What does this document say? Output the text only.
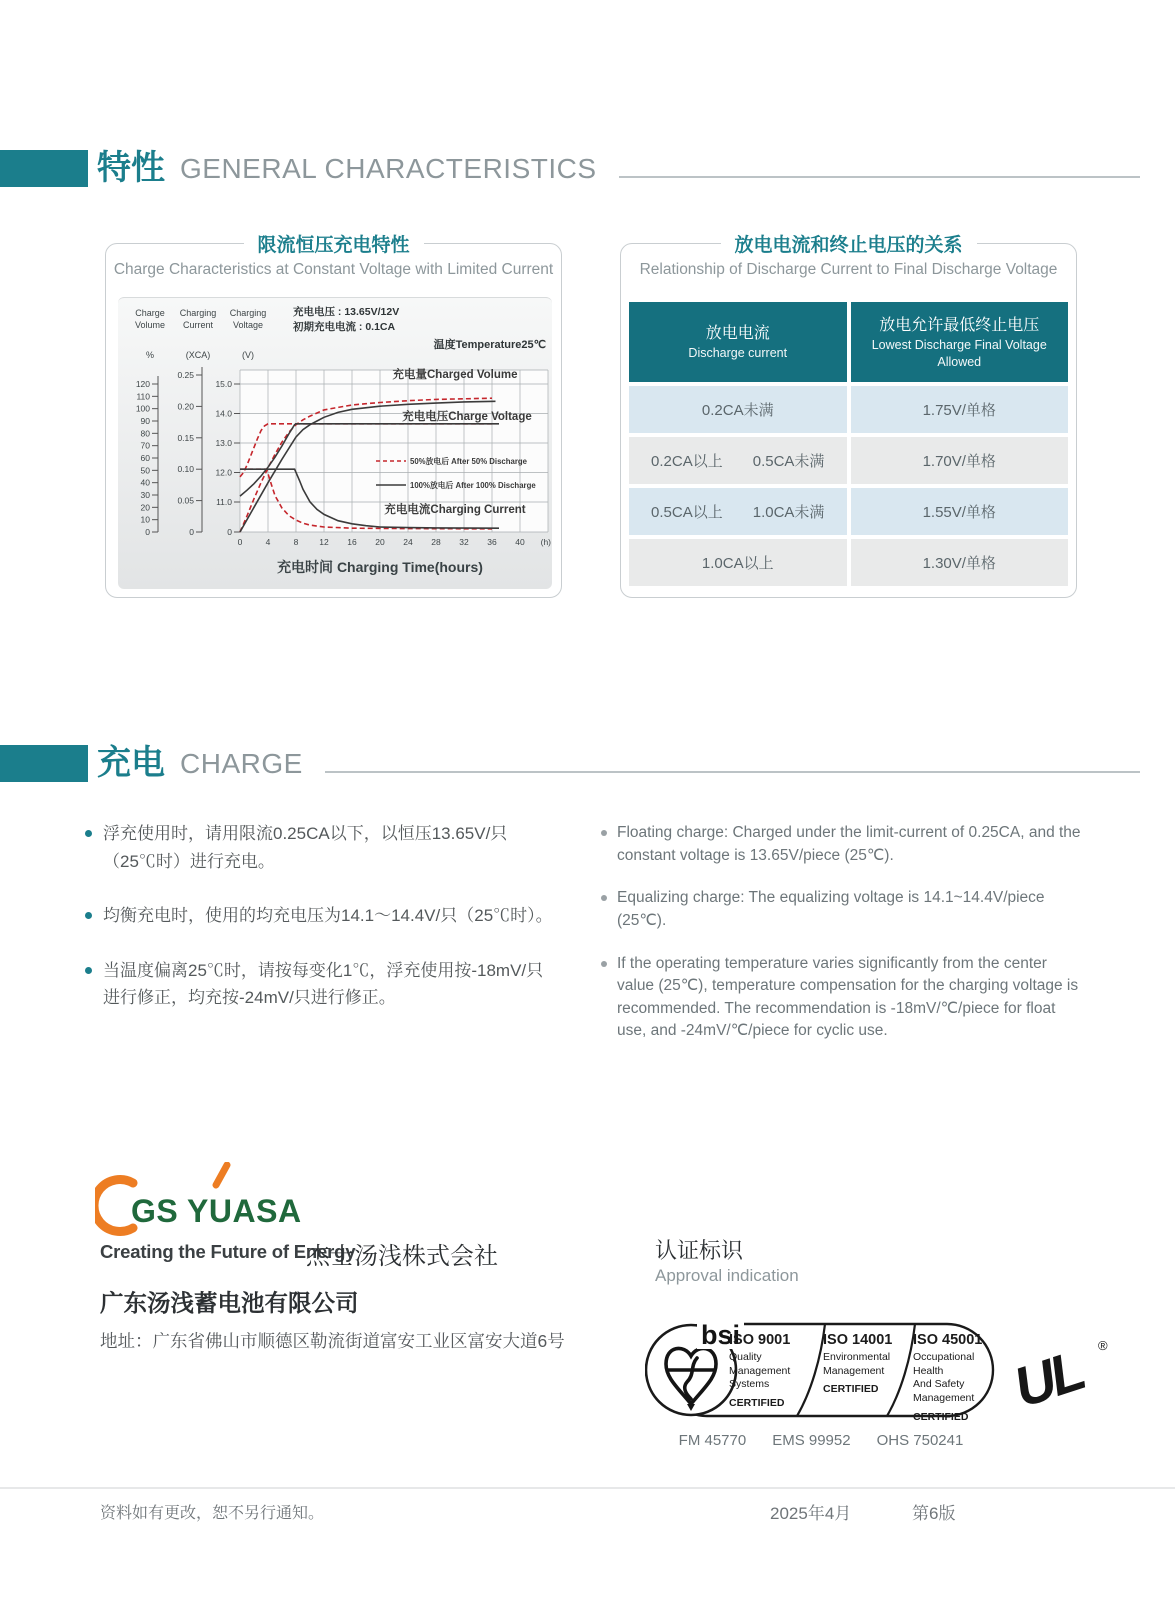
特性 GENERAL CHARACTERISTICS
限流恒压充电特性
Charge Characteristics at Constant Voltage with Limited Current
Charge
Volume
%
Charging
Current
(XCA)
Charging
Voltage
(V)
0
10
20
30
40
50
60
70
80
90
100
110
120
0
0.05
0.10
0.15
0.20
0.25
0
11.0
12.0
13.0
14.0
15.0
0	4	8 12 16 20 24 28 32 36 40 (h)
充电电压 : 13.65V/12V
初期充电电流 : 0.1CA
温度Temperature25℃
充电量Charged Volume
充电电压Charge Voltage
充电电流Charging Current
50%放电后 After 50% Discharge
100%放电后 After 100% Discharge
充电时间 Charging Time(hours)
放电电流和终止电压的关系
Relationship of Discharge Current to Final Discharge Voltage
放电电流
Discharge current
放电允许最低终止电压
Lowest Discharge Final Voltage Allowed
0.2CA未满	1.75V/单格
0.2CA以上　　0.5CA未满	1.70V/单格
0.5CA以上　　1.0CA未满	1.55V/单格
1.0CA以上	1.30V/单格
充电 CHARGE
浮充使用时，请用限流0.25CA以下，以恒压13.65V/只（25℃时）进行充电。
均衡充电时，使用的均充电压为14.1～14.4V/只（25℃时）。
当温度偏离25℃时，请按每变化1℃，浮充使用按-18mV/只进行修正，均充按-24mV/只进行修正。
Floating charge: Charged under the limit-current of 0.25CA, and the constant voltage is 13.65V/piece (25℃).
Equalizing charge: The equalizing voltage is 14.1~14.4V/piece (25℃).
If the operating temperature varies significantly from the center value (25℃), temperature compensation for the charging voltage is recommended. The recommendation is -18mV/℃/piece for float use, and -24mV/℃/piece for cyclic use.
GS YUASA
Creating the Future of Energy
杰士汤浅株式会社
广东汤浅蓄电池有限公司
地址：广东省佛山市顺德区勒流街道富安工业区富安大道6号
认证标识
Approval indication
bsi
ISO 9001
Quality
Management
Systems
CERTIFIED
ISO 14001
Environmental
Management
CERTIFIED
ISO 45001
Occupational Health
And Safety
Management
CERTIFIED
FM 45770 EMS 99952 OHS 750241
UL ®
资料如有更改，恕不另行通知。	2025年4月	第6版
